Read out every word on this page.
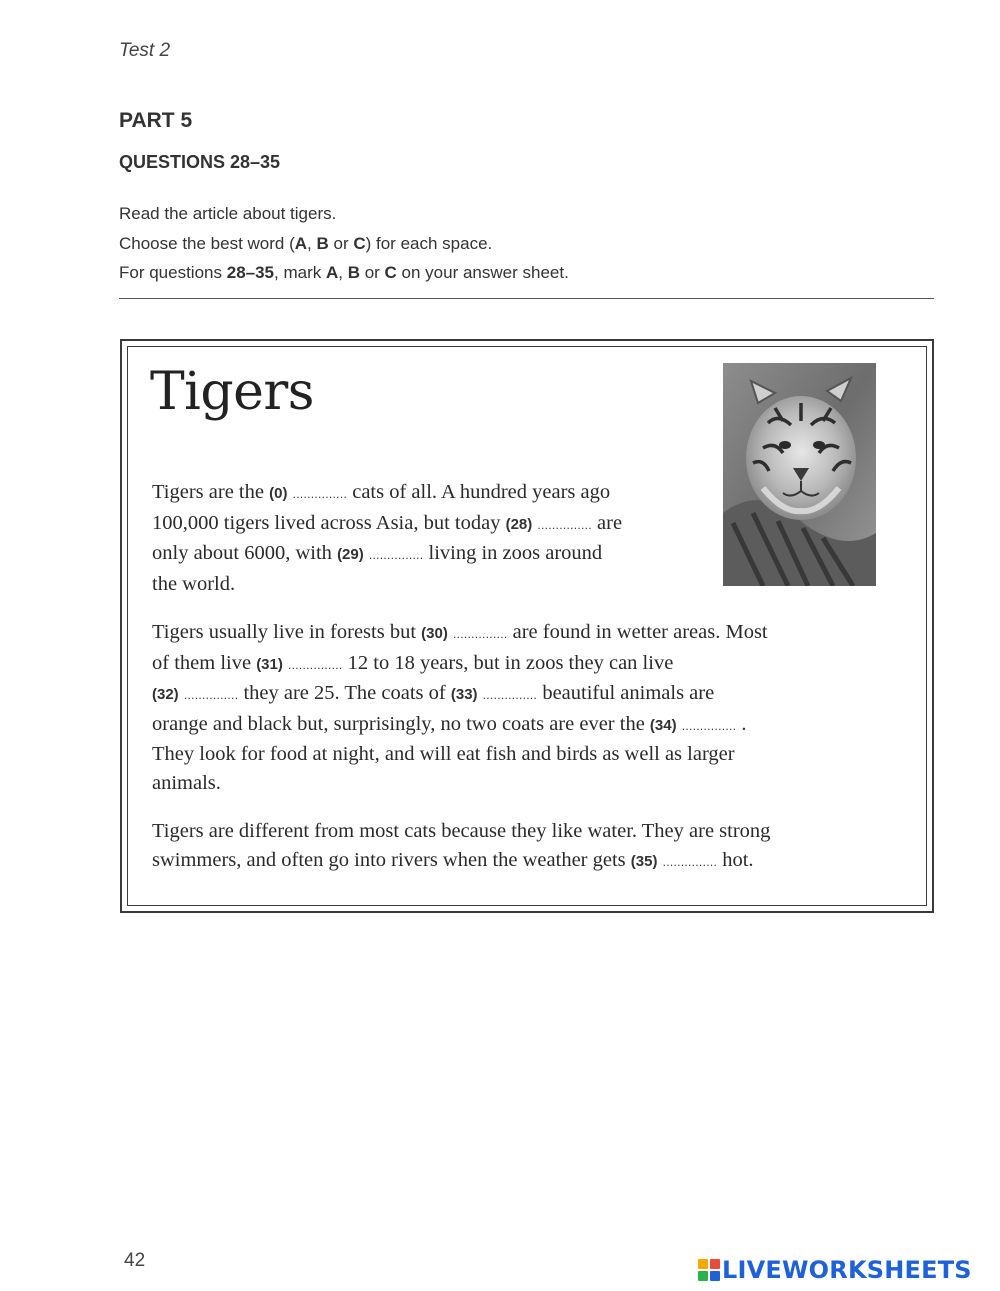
Test 2
PART 5
QUESTIONS 28–35
Read the article about tigers.
Choose the best word (A, B or C) for each space.
For questions 28–35, mark A, B or C on your answer sheet.
Tigers
Tigers are the (0) ............... cats of all. A hundred years ago
100,000 tigers lived across Asia, but today (28) ............... are
only about 6000, with (29) ............... living in zoos around
the world.
Tigers usually live in forests but (30) ............... are found in wetter areas. Most
of them live (31) ............... 12 to 18 years, but in zoos they can live
(32) ............... they are 25. The coats of (33) ............... beautiful animals are
orange and black but, surprisingly, no two coats are ever the (34) ............... .
They look for food at night, and will eat fish and birds as well as larger
animals.
Tigers are different from most cats because they like water. They are strong
swimmers, and often go into rivers when the weather gets (35) ............... hot.
42	LIVEWORKSHEETS
